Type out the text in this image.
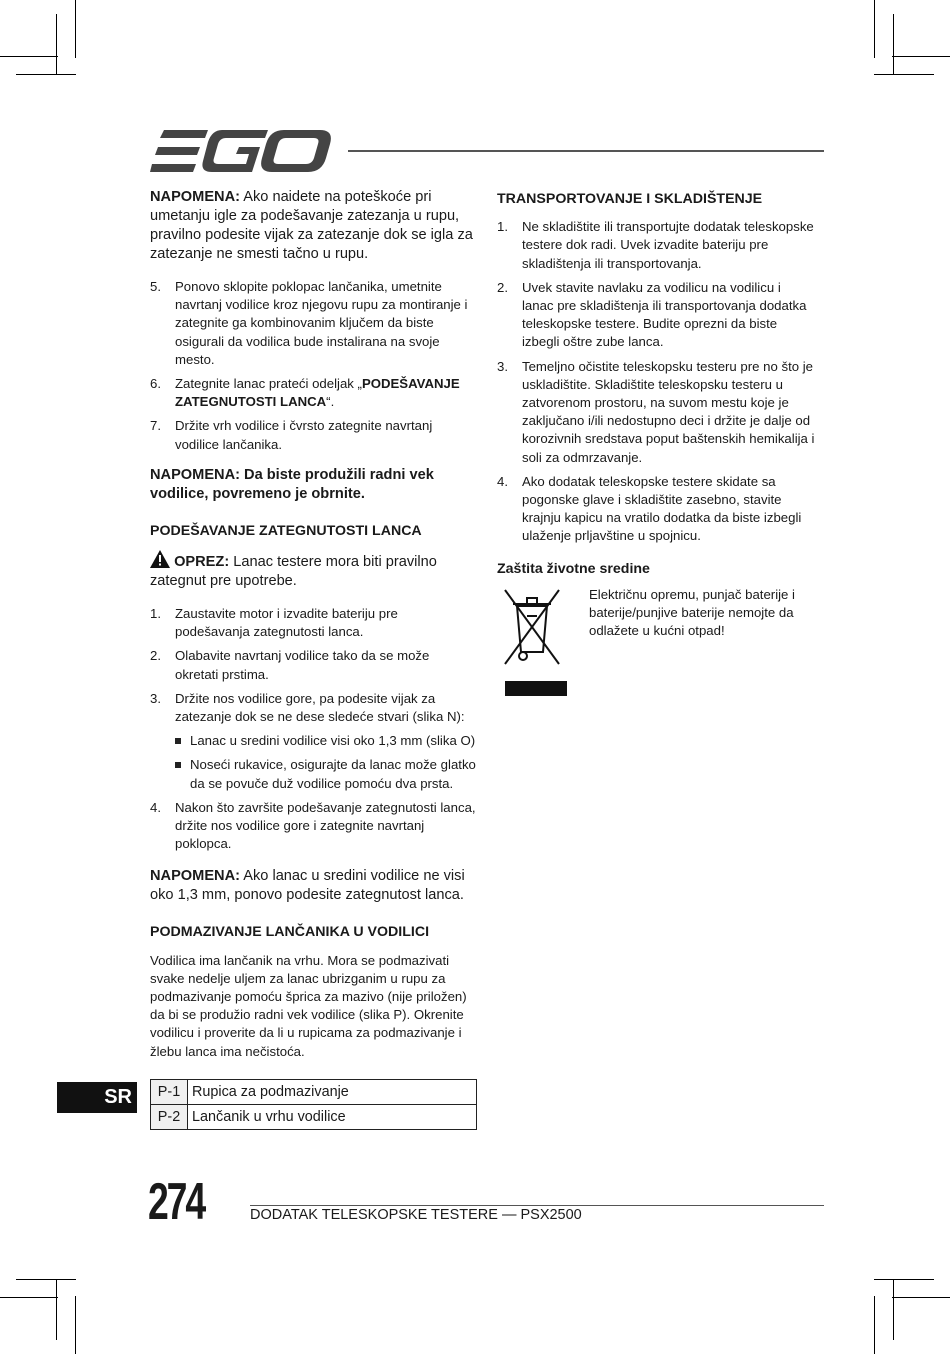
NAPOMENA: Ako naidete na poteškoće pri umetanju igle za podešavanje zatezanja u rupu, pravilno podesite vijak za zatezanje dok se igla za zatezanje ne smesti tačno u rupu.

5. Ponovo sklopite poklopac lančanika, umetnite navrtanj vodilice kroz njegovu rupu za montiranje i zategnite ga kombinovanim ključem da biste osigurali da vodilica bude instalirana na svoje mesto.
6. Zategnite lanac prateći odeljak „PODEŠAVANJE ZATEGNUTOSTI LANCA“.
7. Držite vrh vodilice i čvrsto zategnite navrtanj vodilice lančanika.

NAPOMENA: Da biste produžili radni vek vodilice, povremeno je obrnite.

PODEŠAVANJE ZATEGNUTOSTI LANCA

OPREZ: Lanac testere mora biti pravilno zategnut pre upotrebe.

1. Zaustavite motor i izvadite bateriju pre podešavanja zategnutosti lanca.
2. Olabavite navrtanj vodilice tako da se može okretati prstima.
3. Držite nos vodilice gore, pa podesite vijak za zatezanje dok se ne dese sledeće stvari (slika N):
Lanac u sredini vodilice visi oko 1,3 mm (slika O)
Noseći rukavice, osigurajte da lanac može glatko da se povuče duž vodilice pomoću dva prsta.
4. Nakon što završite podešavanje zategnutosti lanca, držite nos vodilice gore i zategnite navrtanj poklopca.

NAPOMENA: Ako lanac u sredini vodilice ne visi oko 1,3 mm, ponovo podesite zategnutost lanca.

PODMAZIVANJE LANČANIKA U VODILICI

Vodilica ima lančanik na vrhu. Mora se podmazivati svake nedelje uljem za lanac ubrizganim u rupu za podmazivanje pomoću šprica za mazivo (nije priložen) da bi se produžio radni vek vodilice (slika P). Okrenite vodilicu i proverite da li u rupicama za podmazivanje i žlebu lanca ima nečistoća.

P-1	Rupica za podmazivanje
P-2	Lančanik u vrhu vodilice
TRANSPORTOVANJE I SKLADIŠTENJE
1. Ne skladištite ili transportujte dodatak teleskopske testere dok radi. Uvek izvadite bateriju pre skladištenja ili transportovanja.
2. Uvek stavite navlaku za vodilicu na vodilicu i lanac pre skladištenja ili transportovanja dodatka teleskopske testere. Budite oprezni da biste izbegli oštre zube lanca.
3. Temeljno očistite teleskopsku testeru pre no što je uskladištite. Skladištite teleskopsku testeru u zatvorenom prostoru, na suvom mestu koje je zaključano i/ili nedostupno deci i držite je dalje od korozivnih sredstava poput baštenskih hemikalija i soli za odmrzavanje.
4. Ako dodatak teleskopske testere skidate sa pogonske glave i skladištite zasebno, stavite krajnju kapicu na vratilo dodatka da biste izbegli ulaženje prljavštine u spojnicu.
Zaštita životne sredine
Električnu opremu, punjač baterije i baterije/punjive baterije nemojte da odlažete u kućni otpad!
SR
274	DODATAK TELESKOPSKE TESTERE — PSX2500
